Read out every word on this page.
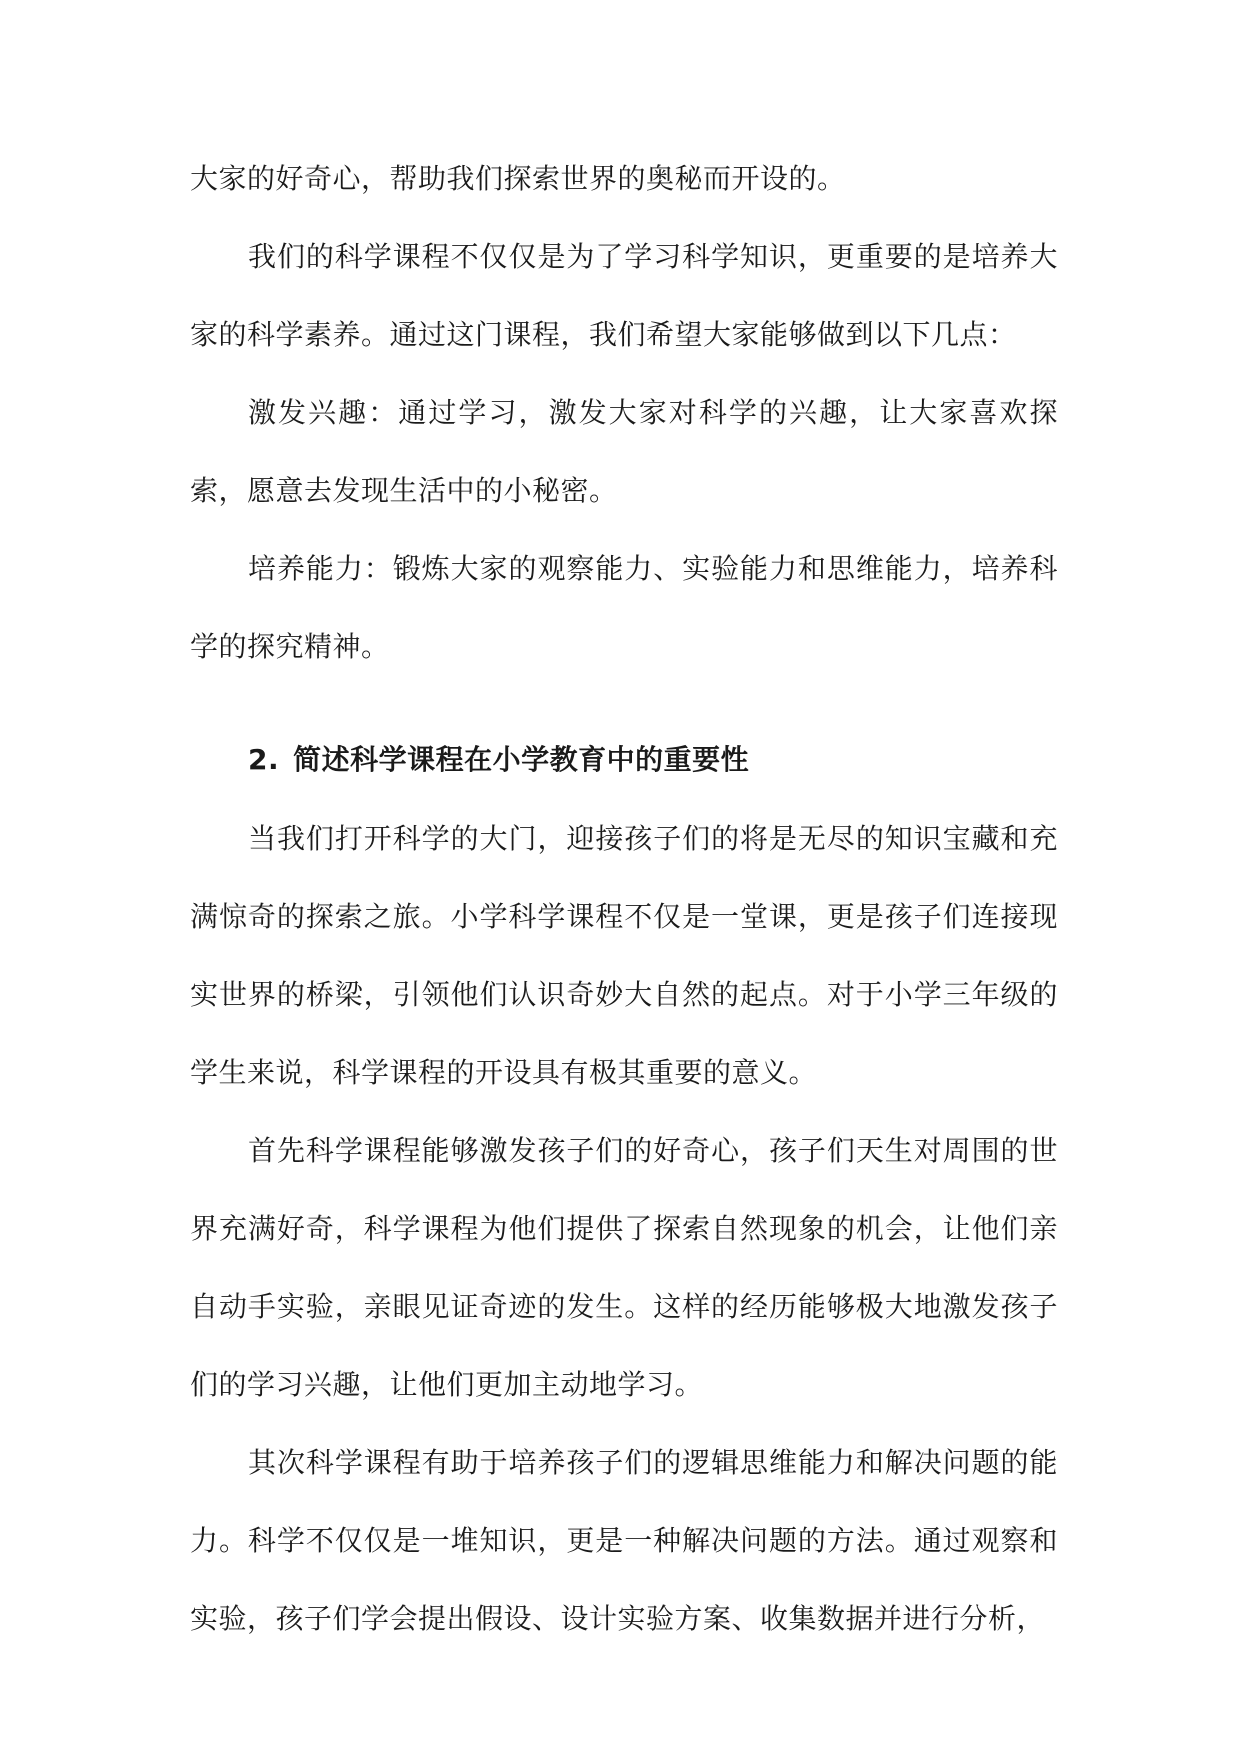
大家的好奇心，帮助我们探索世界的奥秘而开设的。

我们的科学课程不仅仅是为了学习科学知识，更重要的是培养大家的科学素养。通过这门课程，我们希望大家能够做到以下几点：

激发兴趣：通过学习，激发大家对科学的兴趣，让大家喜欢探索，愿意去发现生活中的小秘密。

培养能力：锻炼大家的观察能力、实验能力和思维能力，培养科学的探究精神。

2. 简述科学课程在小学教育中的重要性

当我们打开科学的大门，迎接孩子们的将是无尽的知识宝藏和充满惊奇的探索之旅。小学科学课程不仅是一堂课，更是孩子们连接现实世界的桥梁，引领他们认识奇妙大自然的起点。对于小学三年级的学生来说，科学课程的开设具有极其重要的意义。

首先科学课程能够激发孩子们的好奇心，孩子们天生对周围的世界充满好奇，科学课程为他们提供了探索自然现象的机会，让他们亲自动手实验，亲眼见证奇迹的发生。这样的经历能够极大地激发孩子们的学习兴趣，让他们更加主动地学习。

其次科学课程有助于培养孩子们的逻辑思维能力和解决问题的能力。科学不仅仅是一堆知识，更是一种解决问题的方法。通过观察和实验，孩子们学会提出假设、设计实验方案、收集数据并进行分析，
